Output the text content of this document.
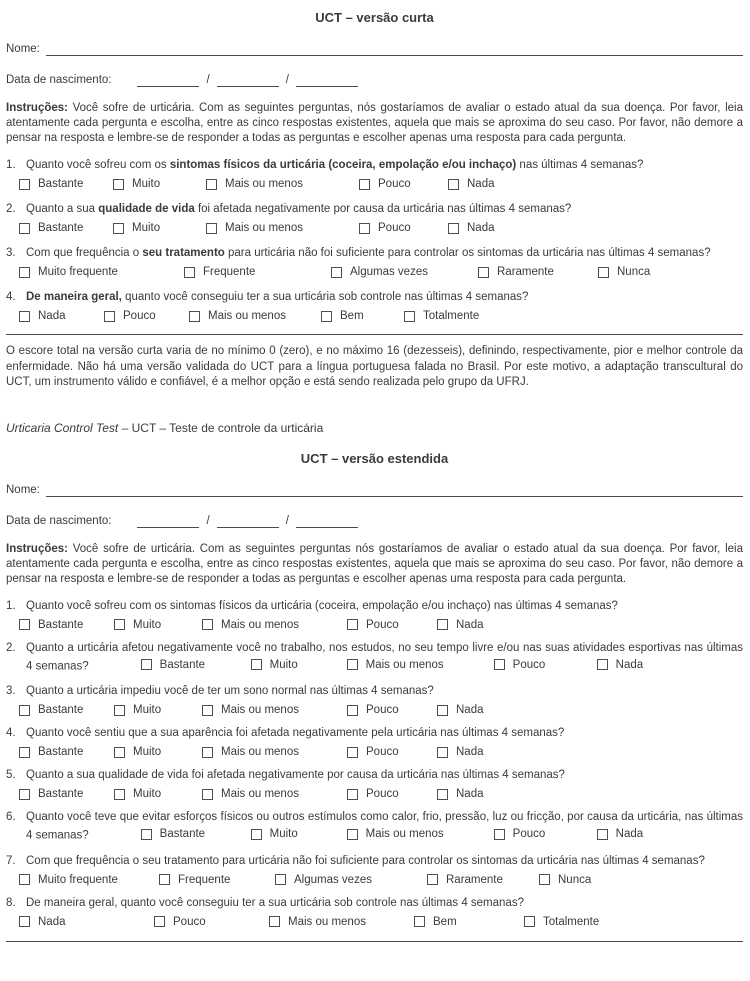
UCT – versão curta
Nome:
Data de nascimento:	/	/

Instruções: Você sofre de urticária. Com as seguintes perguntas, nós gostaríamos de avaliar o estado atual da sua doença. Por favor, leia atentamente cada pergunta e escolha, entre as cinco respostas existentes, aquela que mais se aproxima do seu caso. Por favor, não demore a pensar na resposta e lembre-se de responder a todas as perguntas e escolher apenas uma resposta para cada pergunta.

1. Quanto você sofreu com os sintomas físicos da urticária (coceira, empolação e/ou inchaço) nas últimas 4 semanas?
Bastante	Muito	Mais ou menos	Pouco	Nada
2. Quanto a sua qualidade de vida foi afetada negativamente por causa da urticária nas últimas 4 semanas?
Bastante	Muito	Mais ou menos	Pouco	Nada
3. Com que frequência o seu tratamento para urticária não foi suficiente para controlar os sintomas da urticária nas últimas 4 semanas?
Muito frequente	Frequente	Algumas vezes	Raramente	Nunca
4. De maneira geral, quanto você conseguiu ter a sua urticária sob controle nas últimas 4 semanas?
Nada	Pouco	Mais ou menos	Bem	Totalmente

O escore total na versão curta varia de no mínimo 0 (zero), e no máximo 16 (dezesseis), definindo, respectivamente, pior e melhor controle da enfermidade. Não há uma versão validada do UCT para a língua portuguesa falada no Brasil. Por este motivo, a adaptação transcultural do UCT, um instrumento válido e confiável, é a melhor opção e está sendo realizada pelo grupo da UFRJ.

Urticaria Control Test – UCT – Teste de controle da urticária

UCT – versão estendida
Nome:
Data de nascimento:	/	/

Instruções: Você sofre de urticária. Com as seguintes perguntas nós gostaríamos de avaliar o estado atual da sua doença. Por favor, leia atentamente cada pergunta e escolha, entre as cinco respostas existentes, aquela que mais se aproxima do seu caso. Por favor, não demore a pensar na resposta e lembre-se de responder a todas as perguntas e escolher apenas uma resposta para cada pergunta.

1. Quanto você sofreu com os sintomas físicos da urticária (coceira, empolação e/ou inchaço) nas últimas 4 semanas?
Bastante	Muito	Mais ou menos	Pouco	Nada
2. Quanto a urticária afetou negativamente você no trabalho, nos estudos, no seu tempo livre e/ou nas suas atividades esportivas nas últimas 4 semanas?	Bastante	Muito	Mais ou menos	Pouco	Nada
3. Quanto a urticária impediu você de ter um sono normal nas últimas 4 semanas?
Bastante	Muito	Mais ou menos	Pouco	Nada
4. Quanto você sentiu que a sua aparência foi afetada negativamente pela urticária nas últimas 4 semanas?
Bastante	Muito	Mais ou menos	Pouco	Nada
5. Quanto a sua qualidade de vida foi afetada negativamente por causa da urticária nas últimas 4 semanas?
Bastante	Muito	Mais ou menos	Pouco	Nada
6. Quanto você teve que evitar esforços físicos ou outros estímulos como calor, frio, pressão, luz ou fricção, por causa da urticária, nas últimas 4 semanas?	Bastante	Muito	Mais ou menos	Pouco	Nada
7. Com que frequência o seu tratamento para urticária não foi suficiente para controlar os sintomas da urticária nas últimas 4 semanas?
Muito frequente	Frequente	Algumas vezes	Raramente	Nunca
8. De maneira geral, quanto você conseguiu ter a sua urticária sob controle nas últimas 4 semanas?
Nada	Pouco	Mais ou menos	Bem	Totalmente
